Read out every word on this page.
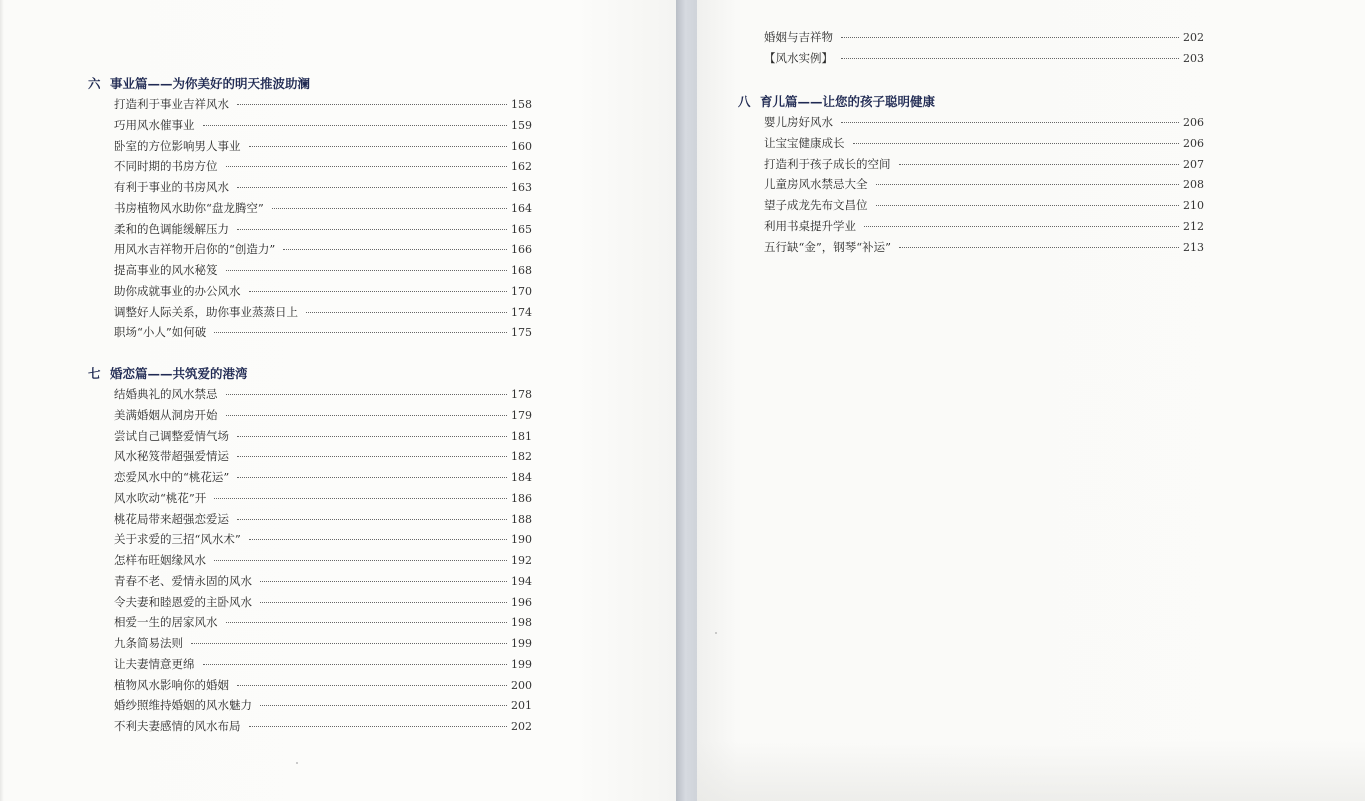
六 事业篇——为你美好的明天推波助澜
打造利于事业吉祥风水	158
巧用风水催事业	159
卧室的方位影响男人事业	160
不同时期的书房方位	162
有利于事业的书房风水	163
书房植物风水助你“盘龙腾空”	164
柔和的色调能缓解压力	165
用风水吉祥物开启你的“创造力”	166
提高事业的风水秘笈	168
助你成就事业的办公风水	170
调整好人际关系，助你事业蒸蒸日上	174
职场“小人”如何破	175
七 婚恋篇——共筑爱的港湾
结婚典礼的风水禁忌	178
美满婚姻从洞房开始	179
尝试自己调整爱情气场	181
风水秘笈带超强爱情运	182
恋爱风水中的“桃花运”	184
风水吹动“桃花”开	186
桃花局带来超强恋爱运	188
关于求爱的三招“风水术”	190
怎样布旺姻缘风水	192
青春不老、爱情永固的风水	194
令夫妻和睦恩爱的主卧风水	196
相爱一生的居家风水	198
九条简易法则	199
让夫妻情意更绵	199
植物风水影响你的婚姻	200
婚纱照维持婚姻的风水魅力	201
不利夫妻感情的风水布局	202
婚姻与吉祥物	202
【风水实例】	203
八 育儿篇——让您的孩子聪明健康
婴儿房好风水	206
让宝宝健康成长	206
打造利于孩子成长的空间	207
儿童房风水禁忌大全	208
望子成龙先布文昌位	210
利用书桌提升学业	212
五行缺“金”，钢琴“补运”	213
